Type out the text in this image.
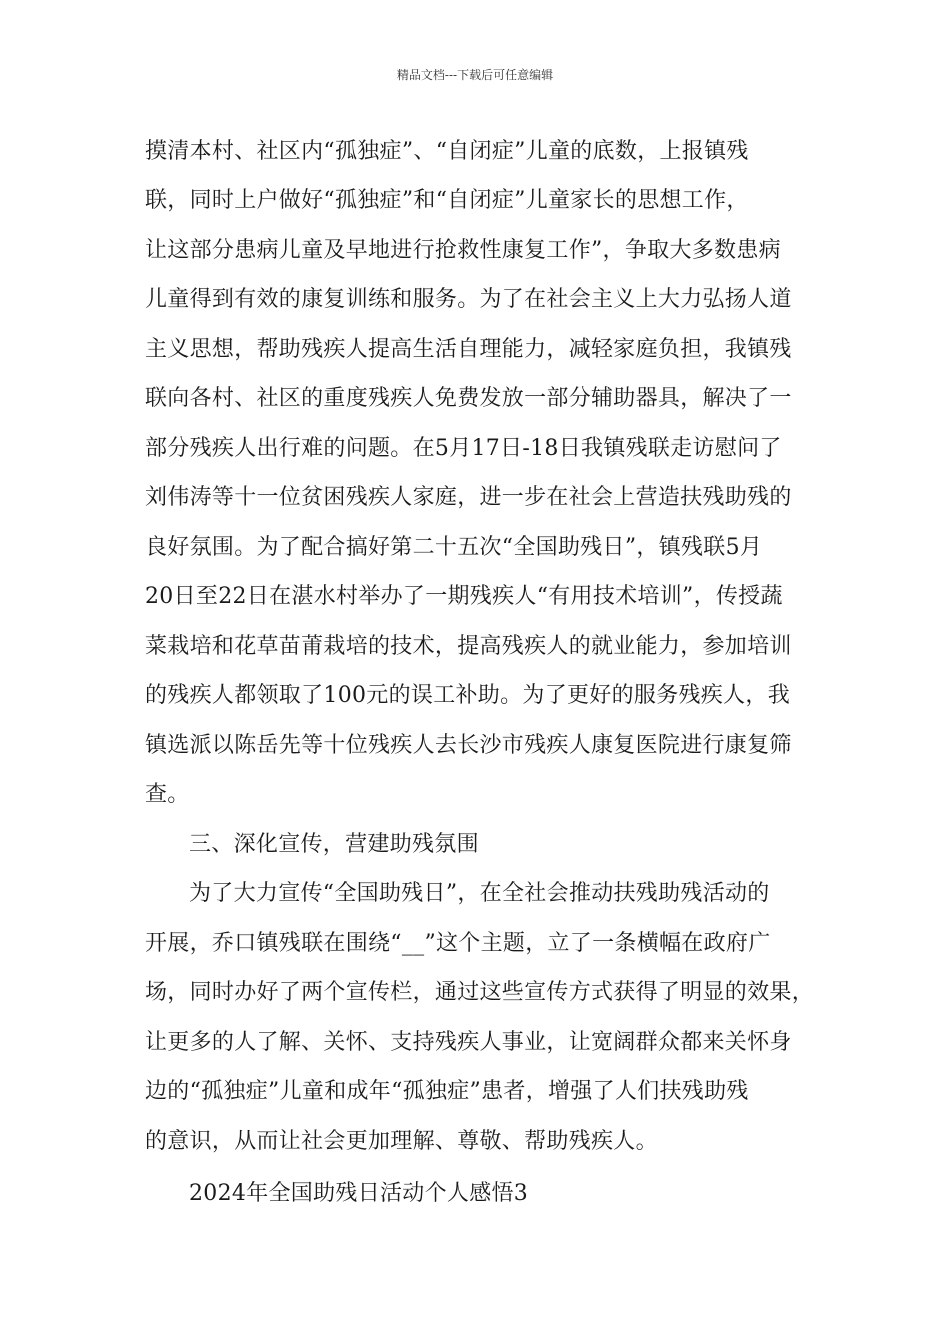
精品文档---下载后可任意编辑
摸清本村、社区内“孤独症”、“自闭症”儿童的底数，上报镇残
联，同时上户做好“孤独症”和“自闭症”儿童家长的思想工作，
让这部分患病儿童及早地进行抢救性康复工作”，争取大多数患病
儿童得到有效的康复训练和服务。为了在社会主义上大力弘扬人道
主义思想，帮助残疾人提高生活自理能力，减轻家庭负担，我镇残
联向各村、社区的重度残疾人免费发放一部分辅助器具，解决了一
部分残疾人出行难的问题。在5月17日-18日我镇残联走访慰问了
刘伟涛等十一位贫困残疾人家庭，进一步在社会上营造扶残助残的
良好氛围。为了配合搞好第二十五次“全国助残日”，镇残联5月
20日至22日在湛水村举办了一期残疾人“有用技术培训”，传授蔬
菜栽培和花草苗莆栽培的技术，提高残疾人的就业能力，参加培训
的残疾人都领取了100元的误工补助。为了更好的服务残疾人，我
镇选派以陈岳先等十位残疾人去长沙市残疾人康复医院进行康复筛
查。
三、深化宣传，营建助残氛围
为了大力宣传“全国助残日”，在全社会推动扶残助残活动的
开展，乔口镇残联在围绕“__”这个主题，立了一条横幅在政府广
场，同时办好了两个宣传栏，通过这些宣传方式获得了明显的效果，
让更多的人了解、关怀、支持残疾人事业，让宽阔群众都来关怀身
边的“孤独症”儿童和成年“孤独症”患者，增强了人们扶残助残
的意识，从而让社会更加理解、尊敬、帮助残疾人。
2024年全国助残日活动个人感悟3
